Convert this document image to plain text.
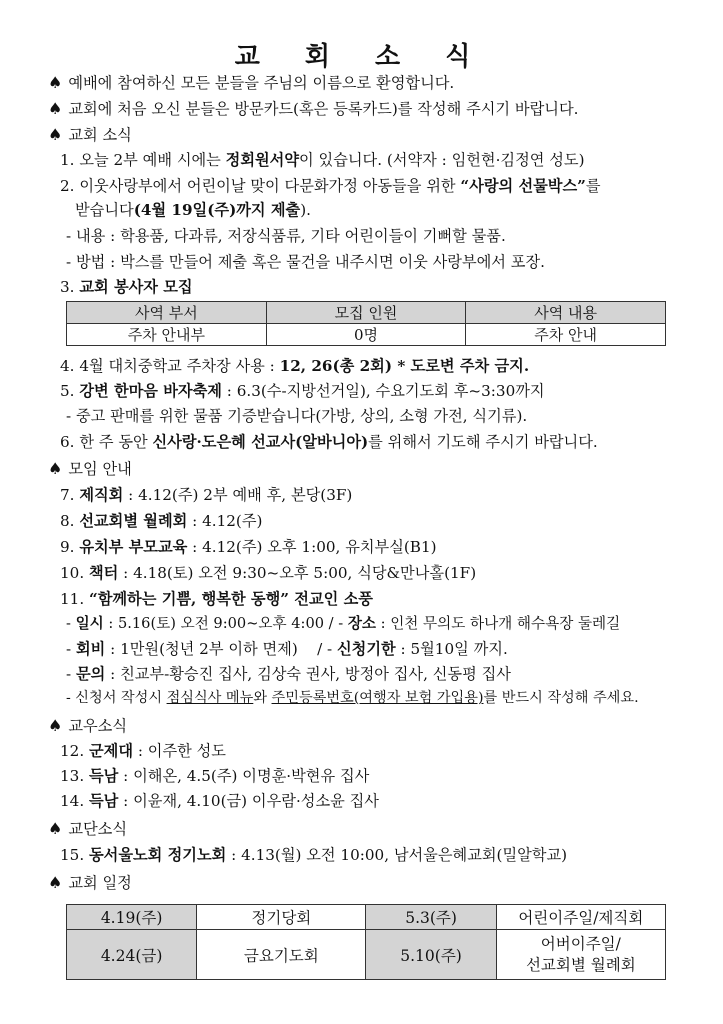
교 회 소 식
♠ 예배에 참여하신 모든 분들을 주님의 이름으로 환영합니다.
♠ 교회에 처음 오신 분들은 방문카드(혹은 등록카드)를 작성해 주시기 바랍니다.
♠ 교회 소식
1. 오늘 2부 예배 시에는 정회원서약이 있습니다. (서약자 : 임헌현·김정연 성도)
2. 이웃사랑부에서 어린이날 맞이 다문화가정 아동들을 위한 “사랑의 선물박스”를
받습니다(4월 19일(주)까지 제출).
- 내용 : 학용품, 다과류, 저장식품류, 기타 어린이들이 기뻐할 물품.
- 방법 : 박스를 만들어 제출 혹은 물건을 내주시면 이웃 사랑부에서 포장.
3. 교회 봉사자 모집
사역 부서	모집 인원	사역 내용
주차 안내부	0명	주차 안내
4. 4월 대치중학교 주차장 사용 : 12, 26(총 2회) * 도로변 주차 금지.
5. 강변 한마음 바자축제 : 6.3(수-지방선거일), 수요기도회 후~3:30까지
- 중고 판매를 위한 물품 기증받습니다(가방, 상의, 소형 가전, 식기류).
6. 한 주 동안 신사랑·도은혜 선교사(알바니아)를 위해서 기도해 주시기 바랍니다.
♠ 모임 안내
7. 제직회 : 4.12(주) 2부 예배 후, 본당(3F)
8. 선교회별 월례회 : 4.12(주)
9. 유치부 부모교육 : 4.12(주) 오후 1:00, 유치부실(B1)
10. 책터 : 4.18(토) 오전 9:30~오후 5:00, 식당&만나홀(1F)
11. “함께하는 기쁨, 행복한 동행” 전교인 소풍
- 일시 : 5.16(토) 오전 9:00~오후 4:00 / - 장소 : 인천 무의도 하나개 해수욕장 둘레길
- 회비 : 1만원(청년 2부 이하 면제)    / - 신청기한 : 5월10일 까지.
- 문의 : 친교부-황승진 집사, 김상숙 권사, 방정아 집사, 신동평 집사
- 신청서 작성시 점심식사 메뉴와 주민등록번호(여행자 보험 가입용)를 반드시 작성해 주세요.
♠ 교우소식
12. 군제대 : 이주한 성도
13. 득남 : 이해온, 4.5(주) 이명훈·박현유 집사
14. 득남 : 이윤재, 4.10(금) 이우람·성소윤 집사
♠ 교단소식
15. 동서울노회 정기노회 : 4.13(월) 오전 10:00, 남서울은혜교회(밀알학교)
♠ 교회 일정
4.19(주)	정기당회	5.3(주)	어린이주일/제직회
4.24(금)	금요기도회	5.10(주)	어버이주일/
선교회별 월례회
